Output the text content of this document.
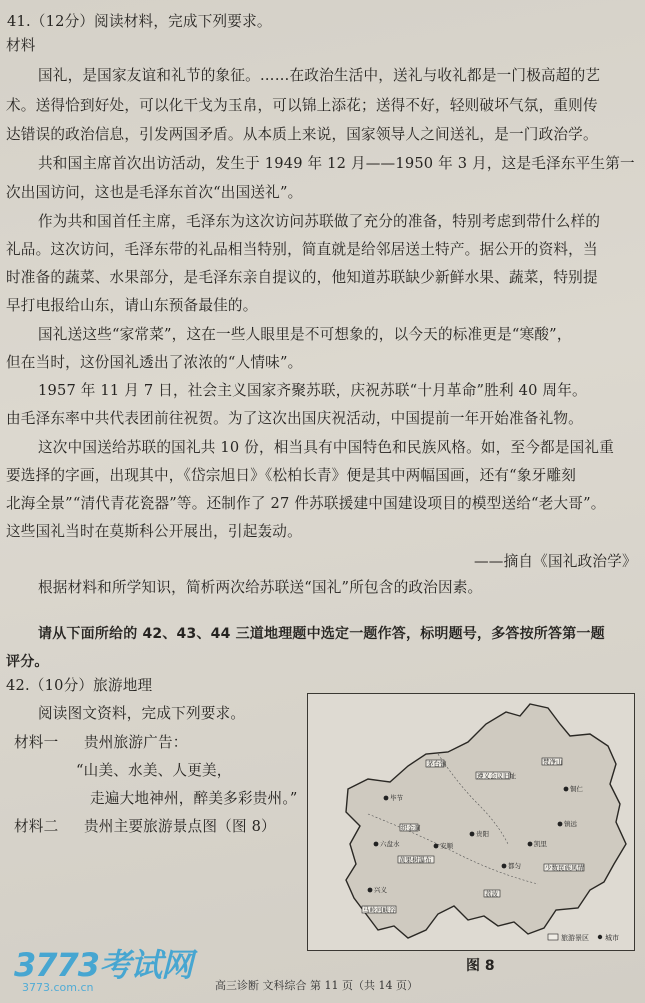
41.（12分）阅读材料，完成下列要求。
材料
国礼，是国家友谊和礼节的象征。……在政治生活中，送礼与收礼都是一门极高超的艺
术。送得恰到好处，可以化干戈为玉帛，可以锦上添花；送得不好，轻则破坏气氛，重则传
达错误的政治信息，引发两国矛盾。从本质上来说，国家领导人之间送礼，是一门政治学。
共和国主席首次出访活动，发生于 1949 年 12 月——1950 年 3 月，这是毛泽东平生第一
次出国访问，这也是毛泽东首次“出国送礼”。
作为共和国首任主席，毛泽东为这次访问苏联做了充分的准备，特别考虑到带什么样的
礼品。这次访问，毛泽东带的礼品相当特别，简直就是给邻居送土特产。据公开的资料，当
时准备的蔬菜、水果部分，是毛泽东亲自提议的，他知道苏联缺少新鲜水果、蔬菜，特别提
早打电报给山东，请山东预备最佳的。
国礼送这些“家常菜”，这在一些人眼里是不可想象的，以今天的标准更是“寒酸”，
但在当时，这份国礼透出了浓浓的“人情味”。
1957 年 11 月 7 日，社会主义国家齐聚苏联，庆祝苏联“十月革命”胜利 40 周年。
由毛泽东率中共代表团前往祝贺。为了这次出国庆祝活动，中国提前一年开始准备礼物。
这次中国送给苏联的国礼共 10 份，相当具有中国特色和民族风格。如，至今都是国礼重
要选择的字画，出现其中，《岱宗旭日》《松柏长青》便是其中两幅国画，还有“象牙雕刻
北海全景”“清代青花瓷器”等。还制作了 27 件苏联援建中国建设项目的模型送给“老大哥”。
这些国礼当时在莫斯科公开展出，引起轰动。
——摘自《国礼政治学》
根据材料和所学知识，简析两次给苏联送“国礼”所包含的政治因素。
请从下面所给的 42、43、44 三道地理题中选定一题作答，标明题号，多答按所答第一题
评分。
42.（10分）旅游地理
阅读图文资料，完成下列要求。
材料一 贵州旅游广告：
“山美、水美、人更美，
走遍大地神州，醉美多彩贵州。”
材料二 贵州主要旅游景点图（图 8）
茅台镇
遵义会议旧址
梵净山
织金洞
黄果树瀑布
少数民族风情
马岭河峡谷
荔波
铜仁
贵阳
凯里
安顺
兴义
六盘水
毕节
都匀
镇远
旅游景区 城市
图 8
高三诊断 文科综合 第 11 页（共 14 页）
3773考试网
3773.com.cn
